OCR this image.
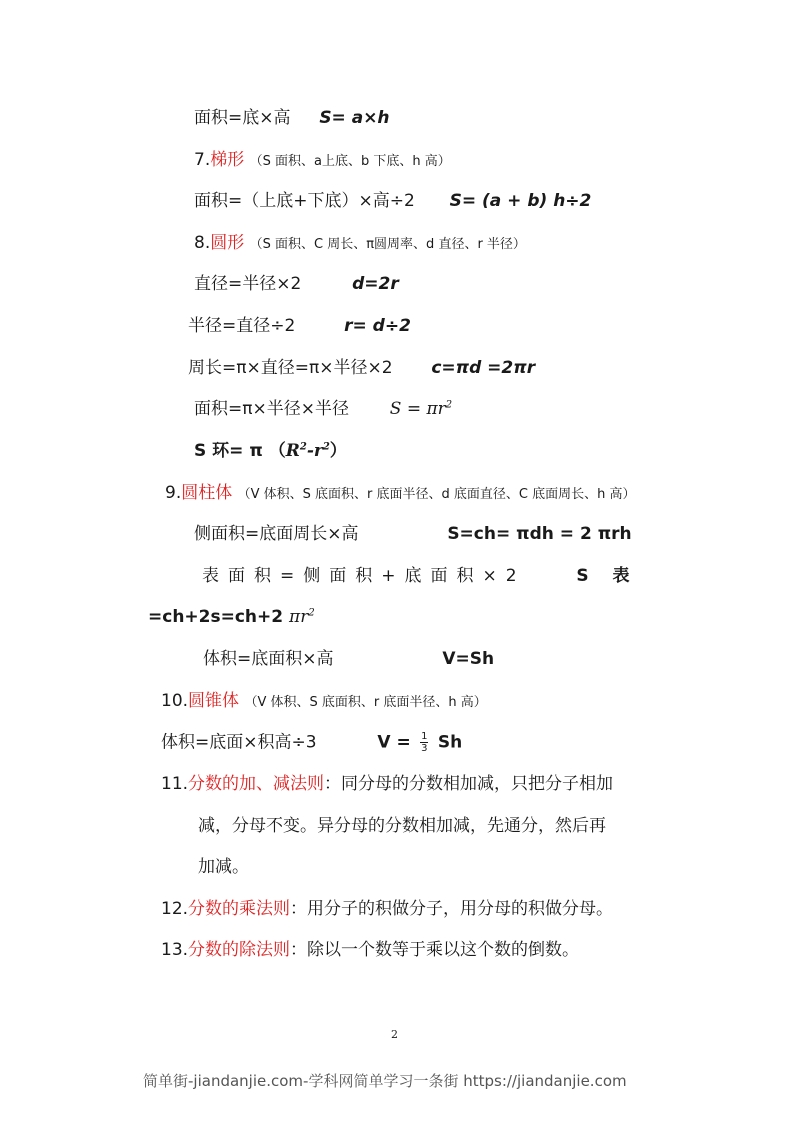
面积=底×高 S= a×h
7.梯形 （S 面积、a上底、b 下底、h 高）
面积=（上底+下底）×高÷2 S= (a + b) h÷2
8.圆形 （S 面积、C 周长、π圆周率、d 直径、r 半径）
直径=半径×2	d=2r
半径=直径÷2	r= d÷2
周长=π×直径=π×半径×2 c=πd =2πr
面积=π×半径×半径 $S = \pi r^2$
S 环= π $(R^2-r^2)$
9.圆柱体 （V 体积、S 底面积、r 底面半径、d 底面直径、C 底面周长、h 高）
侧面积=底面周长×高	S=ch= πdh = 2 πrh
表面积=侧面积+底面积×2	S 表
=ch+2s=ch+2 $\pi r^2$
体积=底面积×高	V=Sh
10.圆锥体 （V 体积、S 底面积、r 底面半径、h 高）
体积=底面×积高÷3	$V = \frac{1}{3}$ Sh
11.分数的加、减法则：同分母的分数相加减，只把分子相加
减，分母不变。异分母的分数相加减，先通分，然后再
加减。
12.分数的乘法则：用分子的积做分子，用分母的积做分母。
13.分数的除法则：除以一个数等于乘以这个数的倒数。
2
简单街-jiandanjie.com-学科网简单学习一条街 https://jiandanjie.com
